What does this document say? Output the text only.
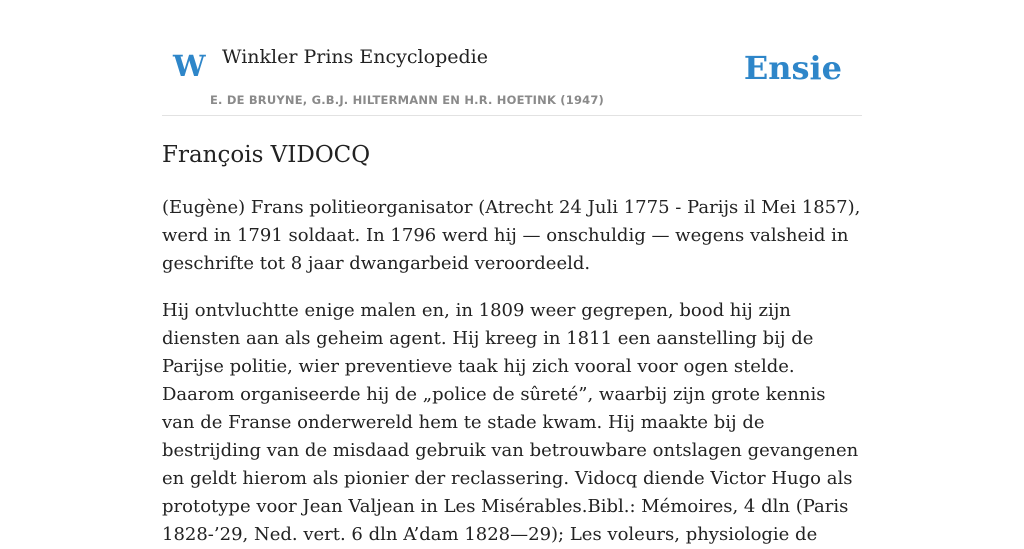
W Winkler Prins Encyclopedie
E. DE BRUYNE, G.B.J. HILTERMANN EN H.R. HOETINK (1947)
Ensie
François VIDOCQ

(Eugène) Frans politieorganisator (Atrecht 24 Juli 1775 - Parijs il Mei 1857), werd in 1791 soldaat. In 1796 werd hij — onschuldig — wegens valsheid in geschrifte tot 8 jaar dwangarbeid veroordeeld.

Hij ontvluchtte enige malen en, in 1809 weer gegrepen, bood hij zijn diensten aan als geheim agent. Hij kreeg in 1811 een aanstelling bij de Parijse politie, wier preventieve taak hij zich vooral voor ogen stelde. Daarom organiseerde hij de „police de sûreté”, waarbij zijn grote kennis van de Franse onderwereld hem te stade kwam. Hij maakte bij de bestrijding van de misdaad gebruik van betrouwbare ontslagen gevangenen en geldt hierom als pionier der reclassering. Vidocq diende Victor Hugo als prototype voor Jean Valjean in Les Misérables.Bibl.: Mémoires, 4 dln (Paris 1828-’29, Ned. vert. 6 dln A’dam 1828—29); Les voleurs, physiologie de
